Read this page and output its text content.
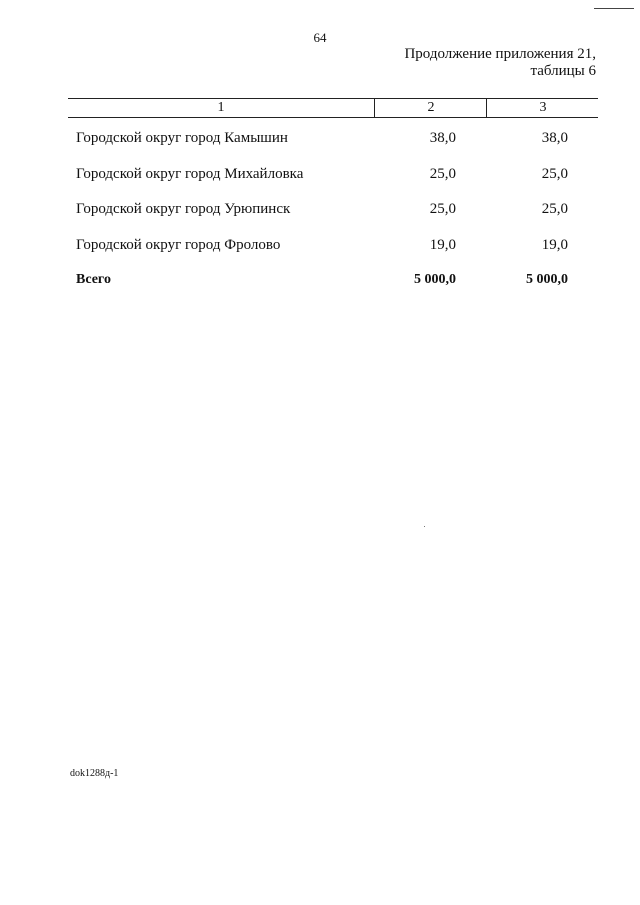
64
Продолжение приложения 21,
таблицы 6
1	2	3
Городской округ город Камышин	38,0	38,0
Городской округ город Михайловка	25,0	25,0
Городской округ город Урюпинск	25,0	25,0
Городской округ город Фролово	19,0	19,0
Всего	5 000,0	5 000,0
dok1288д-1
